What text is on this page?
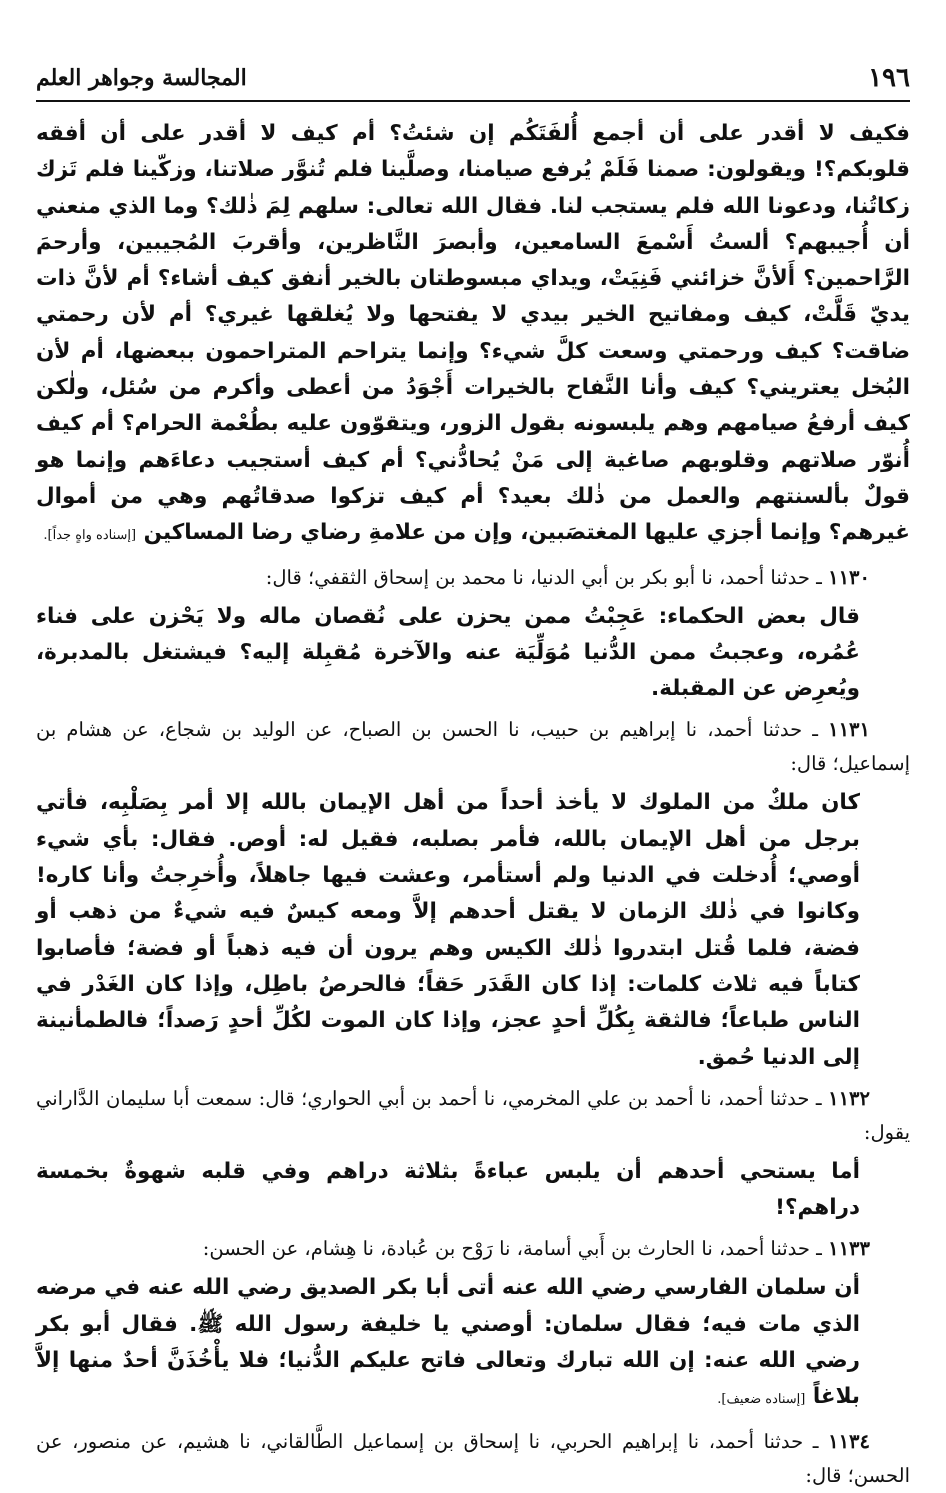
١٩٦
المجالسة وجواهر العلم

فكيف لا أقدر على أن أجمع أُلفَتَكُم إن شئتُ؟ أم كيف لا أقدر على أن أفقه قلوبكم؟! ويقولون: صمنا فَلَمْ يُرفع صيامنا، وصلَّينا فلم تُنوَّر صلاتنا، وزكّينا فلم تَزك زكاتُنا، ودعونا الله فلم يستجب لنا. فقال الله تعالى: سلهم لِمَ ذٰلك؟ وما الذي منعني أن أُجيبهم؟ ألستُ أَسْمعَ السامعين، وأبصرَ النَّاظرين، وأقربَ المُجيبين، وأرحمَ الرَّاحمين؟ أَلأنَّ خزائني فَنِيَتْ، ويداي مبسوطتان بالخير أنفق كيف أشاء؟ أم لأنَّ ذات يديّ قَلَّتْ، كيف ومفاتيح الخير بيدي لا يفتحها ولا يُغلقها غيري؟ أم لأن رحمتي ضاقت؟ كيف ورحمتي وسعت كلَّ شيء؟ وإنما يتراحم المتراحمون ببعضها، أم لأن البُخل يعتريني؟ كيف وأنا النَّفاح بالخيرات أَجْوَدُ من أعطى وأكرم من سُئل، ولٰكن كيف أرفعُ صيامهم وهم يلبسونه بقول الزور، ويتقوّون عليه بطُعْمة الحرام؟ أم كيف أُنوّر صلاتهم وقلوبهم صاغية إلى مَنْ يُحادُّني؟ أم كيف أستجيب دعاءَهم وإنما هو قولٌ بألسنتهم والعمل من ذٰلك بعيد؟ أم كيف تزكوا صدقاتُهم وهي من أموال غيرهم؟ وإنما أجزي عليها المغتصَبين، وإن من علامةِ رضاي رضا المساكين [إسناده واهٍ جداً].

١١٣٠ ـ حدثنا أحمد، نا أبو بكر بن أبي الدنيا، نا محمد بن إسحاق الثقفي؛ قال:

قال بعض الحكماء: عَجِبْتُ ممن يحزن على نُقصان ماله ولا يَحْزن على فناء عُمُره، وعجبتُ ممن الدُّنيا مُوَلِّيَة عنه والآخرة مُقبِلة إليه؟ فيشتغل بالمدبرة، ويُعرِض عن المقبلة.

١١٣١ ـ حدثنا أحمد، نا إبراهيم بن حبيب، نا الحسن بن الصباح، عن الوليد بن شجاع، عن هشام بن إسماعيل؛ قال:

كان ملكٌ من الملوك لا يأخذ أحداً من أهل الإيمان بالله إلا أمر بِصَلْبِه، فأتي برجل من أهل الإيمان بالله، فأمر بصلبه، فقيل له: أوص. فقال: بأي شيء أوصي؛ أُدخلت في الدنيا ولم أستأمر، وعشت فيها جاهلاً، وأُخرِجتُ وأنا كاره! وكانوا في ذٰلك الزمان لا يقتل أحدهم إلاَّ ومعه كيسٌ فيه شيءٌ من ذهب أو فضة، فلما قُتل ابتدروا ذٰلك الكيس وهم يرون أن فيه ذهباً أو فضة؛ فأصابوا كتاباً فيه ثلاث كلمات: إذا كان القَدَر حَقاً؛ فالحرصُ باطِل، وإذا كان الغَدْر في الناس طباعاً؛ فالثقة بِكُلِّ أحدٍ عجز، وإذا كان الموت لكُلِّ أحدٍ رَصداً؛ فالطمأنينة إلى الدنيا حُمق.

١١٣٢ ـ حدثنا أحمد، نا أحمد بن علي المخرمي، نا أحمد بن أبي الحواري؛ قال: سمعت أبا سليمان الدَّاراني يقول:

أما يستحي أحدهم أن يلبس عباءةً بثلاثة دراهم وفي قلبه شهوةٌ بخمسة دراهم؟!

١١٣٣ ـ حدثنا أحمد، نا الحارث بن أَبي أسامة، نا رَوْح بن عُبادة، نا هِشام، عن الحسن:

أن سلمان الفارسي رضي الله عنه أتى أبا بكر الصديق رضي الله عنه في مرضه الذي مات فيه؛ فقال سلمان: أوصني يا خليفة رسول الله ﷺ. فقال أبو بكر رضي الله عنه: إن الله تبارك وتعالى فاتح عليكم الدُّنيا؛ فلا يأْخُذَنَّ أحدٌ منها إلاَّ بلاغاً [إسناده ضعيف].

١١٣٤ ـ حدثنا أحمد، نا إبراهيم الحربي، نا إسحاق بن إسماعيل الطَّالقاني، نا هشيم، عن منصور، عن الحسن؛ قال:
